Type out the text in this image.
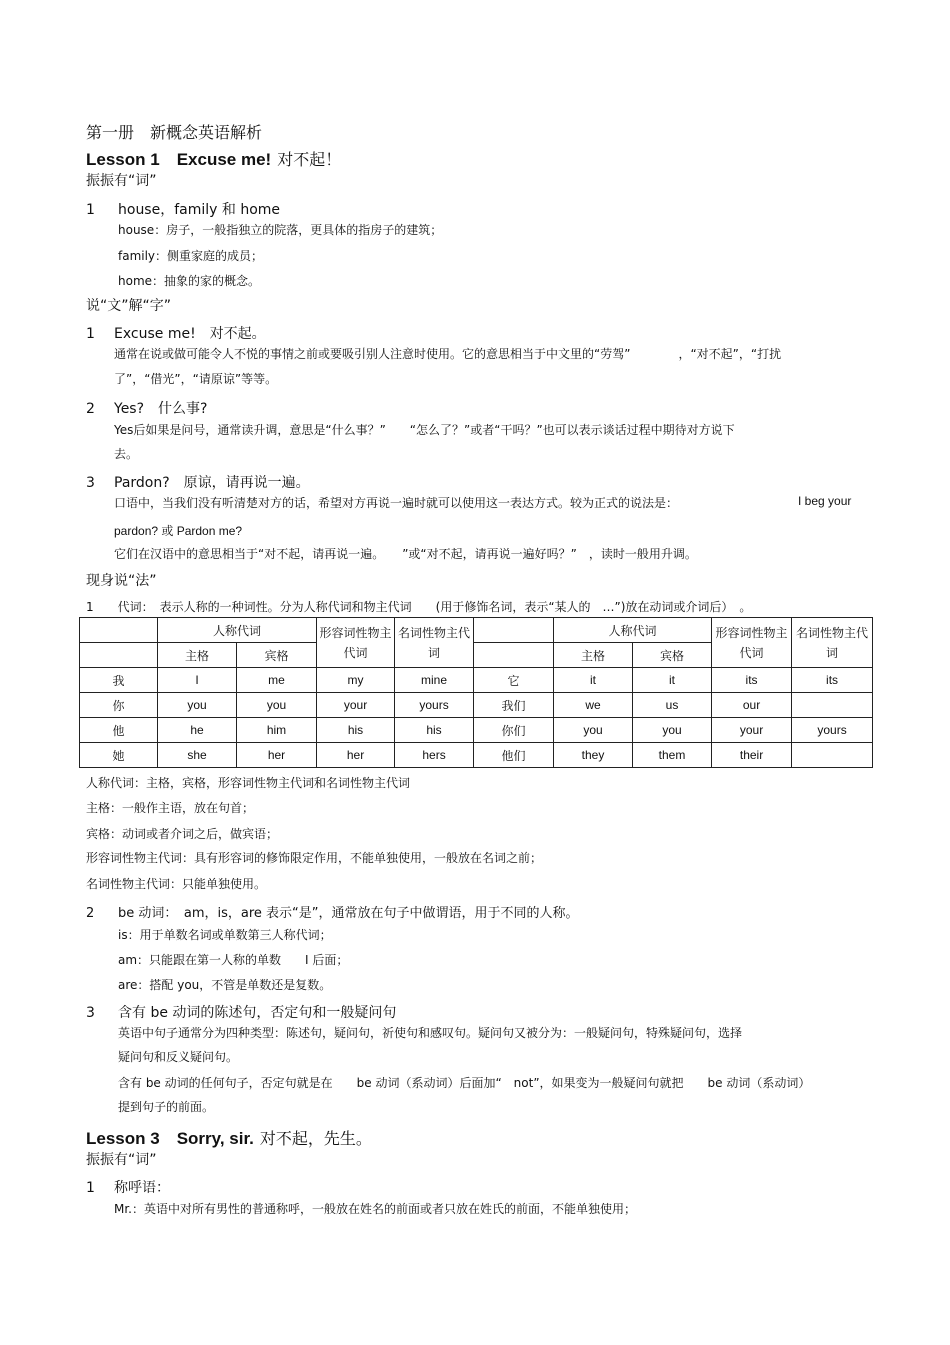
第一册　新概念英语解析
Lesson 1　Excuse me! 对不起！
振振有“词”
1 house，family 和 home
house：房子，一般指独立的院落，更具体的指房子的建筑；
family：侧重家庭的成员；
home：抽象的家的概念。
说“文”解“字”
1 Excuse me!　对不起。
通常在说或做可能令人不悦的事情之前或要吸引别人注意时使用。它的意思相当于中文里的“劳驾”　　　　，“对不起”，“打扰
了”，“借光”，“请原谅”等等。
2 Yes?　什么事?
Yes后如果是问号，通常读升调，意思是“什么事？”　　“怎么了？”或者“干吗？”也可以表示谈话过程中期待对方说下
去。
3 Pardon?　原谅，请再说一遍。
口语中，当我们没有听清楚对方的话，希望对方再说一遍时就可以使用这一表达方式。较为正式的说法是：	I beg your
pardon? 或 Pardon me?
它们在汉语中的意思相当于“对不起，请再说一遍。　　”或“对不起，请再说一遍好吗？”　，读时一般用升调。
现身说“法”
1　　代词：　表示人称的一种词性。分为人称代词和物主代词　　(用于修饰名词，表示“某人的　…”)放在动词或介词后）　。
	人称代词		形容词性物主代词	名词性物主代词		人称代词		形容词性物主代词	名词性物主代词
	主格	宾格				主格	宾格		
我	I	me	my	mine	它	it	it	its	its
你	you	you	your	yours	我们	we	us	our	
他	he	him	his	his	你们	you	you	your	yours
她	she	her	her	hers	他们	they	them	their	
人称代词：主格，宾格，形容词性物主代词和名词性物主代词
主格：一般作主语，放在句首；
宾格：动词或者介词之后，做宾语；
形容词性物主代词：具有形容词的修饰限定作用，不能单独使用，一般放在名词之前；
名词性物主代词：只能单独使用。
2 be 动词：　am，is，are 表示“是”，通常放在句子中做谓语，用于不同的人称。
is：用于单数名词或单数第三人称代词；
am：只能跟在第一人称的单数　　I 后面；
are：搭配 you，不管是单数还是复数。
3 含有 be 动词的陈述句，否定句和一般疑问句
英语中句子通常分为四种类型：陈述句，疑问句，祈使句和感叹句。疑问句又被分为：一般疑问句，特殊疑问句，选择
疑问句和反义疑问句。
含有 be 动词的任何句子，否定句就是在　　be 动词（系动词）后面加“　not”，如果变为一般疑问句就把　　be 动词（系动词）
提到句子的前面。
Lesson 3　Sorry, sir. 对不起，先生。
振振有“词”
1 称呼语：
Mr.：英语中对所有男性的普通称呼，一般放在姓名的前面或者只放在姓氏的前面，不能单独使用；
